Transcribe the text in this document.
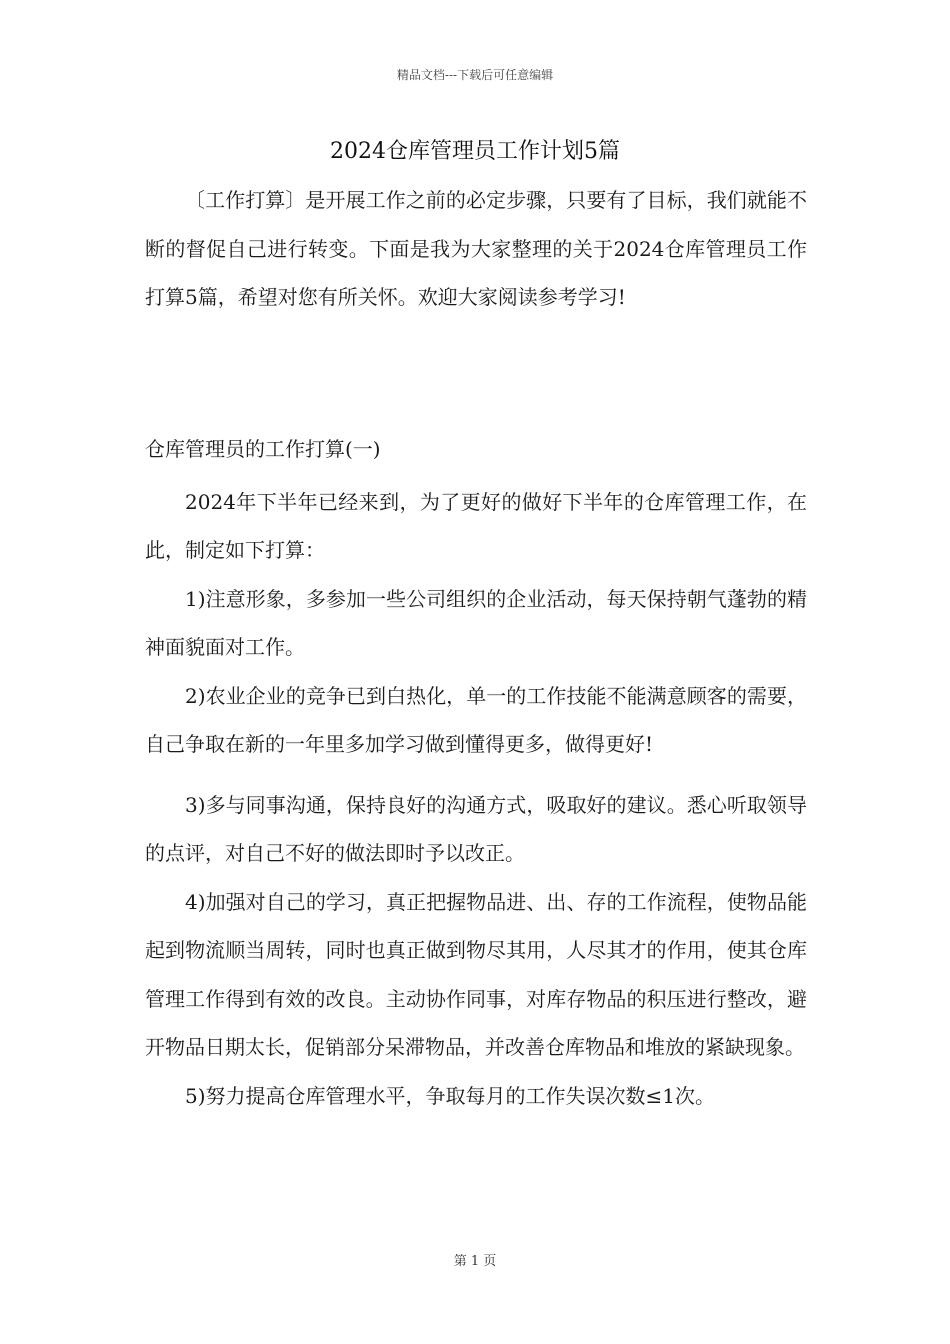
精品文档---下载后可任意编辑
2024仓库管理员工作计划5篇

〔工作打算〕是开展工作之前的必定步骤，只要有了目标，我们就能不断的督促自己进行转变。下面是我为大家整理的关于2024仓库管理员工作打算5篇，希望对您有所关怀。欢迎大家阅读参考学习!

仓库管理员的工作打算(一)

2024年下半年已经来到，为了更好的做好下半年的仓库管理工作，在此，制定如下打算：

1)注意形象，多参加一些公司组织的企业活动，每天保持朝气蓬勃的精神面貌面对工作。

2)农业企业的竞争已到白热化，单一的工作技能不能满意顾客的需要，自己争取在新的一年里多加学习做到懂得更多，做得更好!

3)多与同事沟通，保持良好的沟通方式，吸取好的建议。悉心听取领导的点评，对自己不好的做法即时予以改正。

4)加强对自己的学习，真正把握物品进、出、存的工作流程，使物品能起到物流顺当周转，同时也真正做到物尽其用，人尽其才的作用，使其仓库管理工作得到有效的改良。主动协作同事，对库存物品的积压进行整改，避开物品日期太长，促销部分呆滞物品，并改善仓库物品和堆放的紧缺现象。

5)努力提高仓库管理水平，争取每月的工作失误次数≤1次。

第 1 页
